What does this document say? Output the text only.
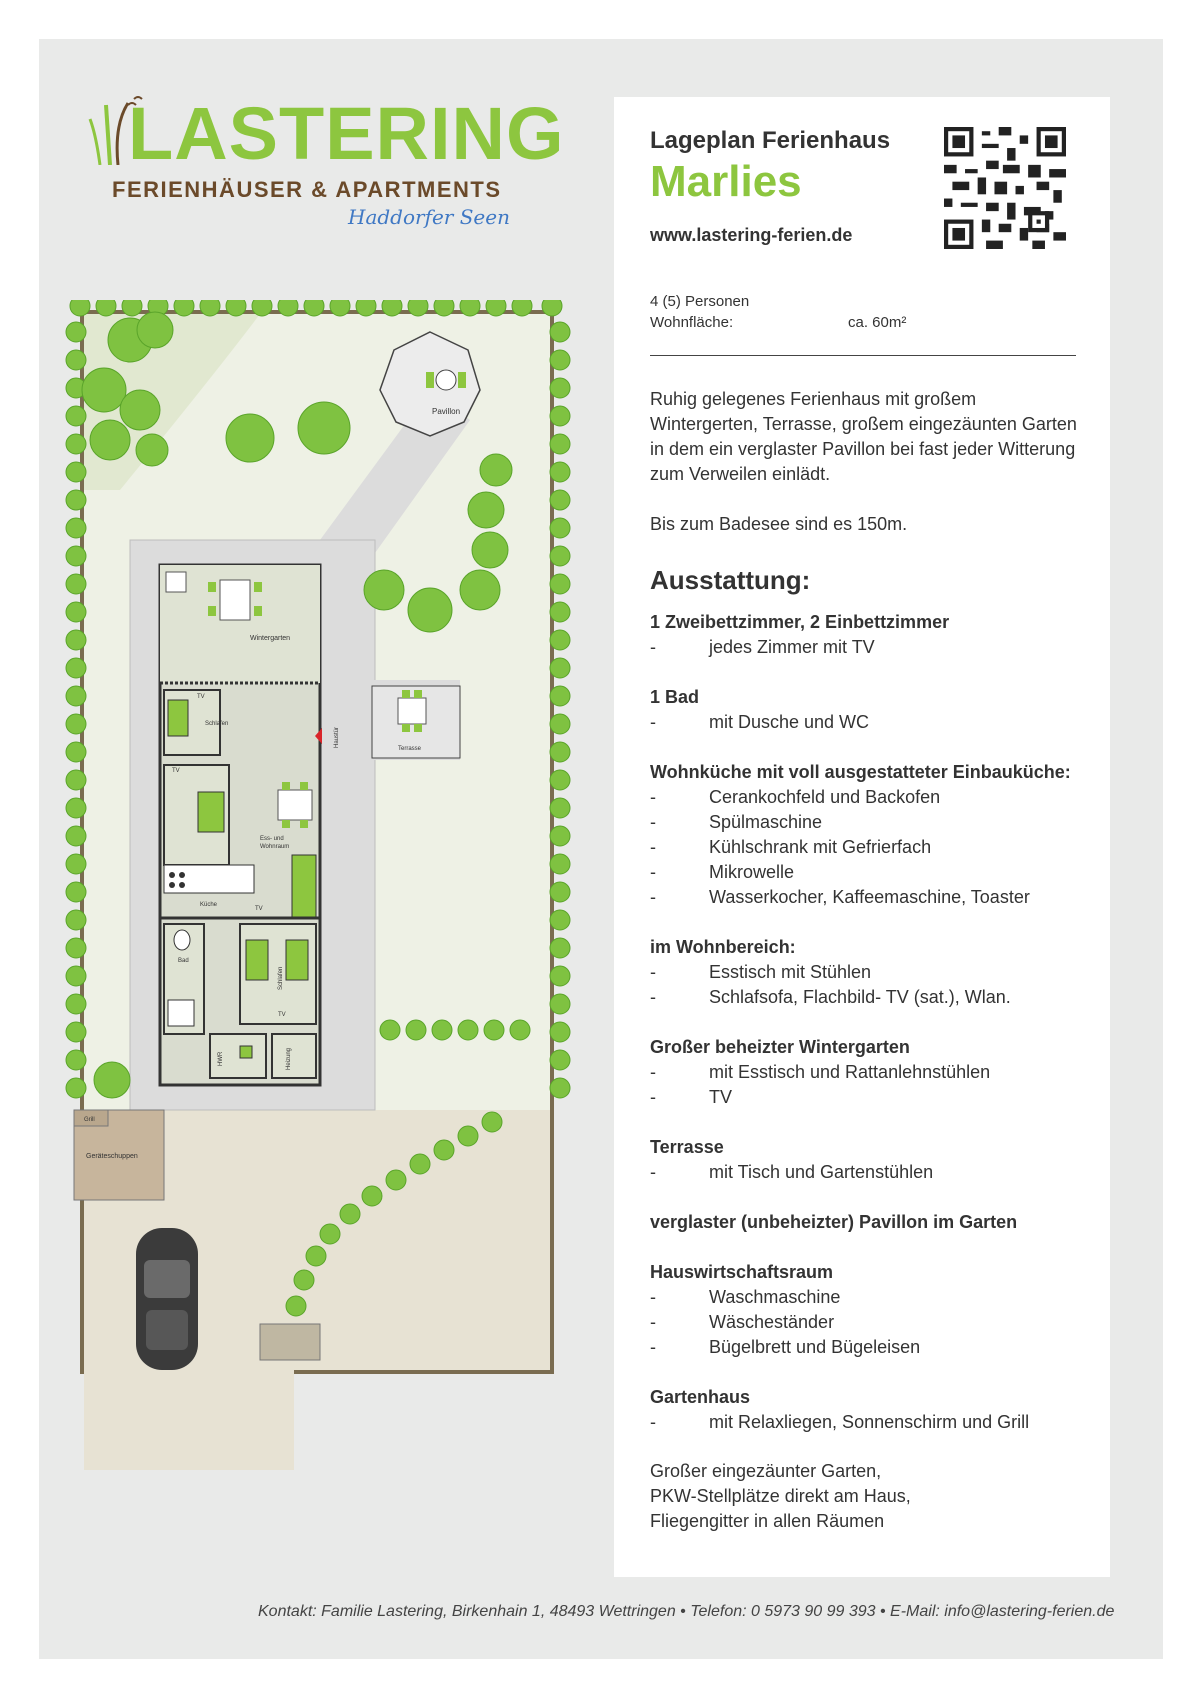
LASTERING
FERIENHÄUSER & APARTMENTS
Haddorfer Seen
Pavillon
Wintergarten
Schlafen
TV
TV
Ess- und
Wohnraum
Haustür
Terrasse
Küche
TV
Bad
Schlafen
TV
HWR	Heizung
Grill
Geräteschuppen
Lageplan Ferienhaus
Marlies
www.lastering-ferien.de
4 (5) Personen
Wohnfläche:	ca. 60m²

Ruhig gelegenes Ferienhaus mit großem Wintergerten, Terrasse, großem eingezäunten Garten in dem ein verglaster Pavillon bei fast jeder Witterung zum Verweilen einlädt.

Bis zum Badesee sind es 150m.

Ausstattung:
1 Zweibettzimmer, 2 Einbettzimmer
-	jedes Zimmer mit TV
1 Bad
-	mit Dusche und WC
Wohnküche mit voll ausgestatteter Einbauküche:
-	Cerankochfeld und Backofen
-	Spülmaschine
-	Kühlschrank mit Gefrierfach
-	Mikrowelle
-	Wasserkocher, Kaffeemaschine, Toaster
im Wohnbereich:
-	Esstisch mit Stühlen
-	Schlafsofa, Flachbild- TV (sat.), Wlan.
Großer beheizter Wintergarten
-	mit Esstisch und Rattanlehnstühlen
-	TV
Terrasse
-	mit Tisch und Gartenstühlen
verglaster (unbeheizter) Pavillon im Garten
Hauswirtschaftsraum
-	Waschmaschine
-	Wäscheständer
-	Bügelbrett und Bügeleisen
Gartenhaus
-	mit Relaxliegen, Sonnenschirm und Grill
Großer eingezäunter Garten,
PKW-Stellplätze direkt am Haus,
Fliegengitter in allen Räumen
Kontakt: Familie Lastering, Birkenhain 1, 48493 Wettringen • Telefon: 0 5973 90 99 393 • E-Mail: info@lastering-ferien.de
